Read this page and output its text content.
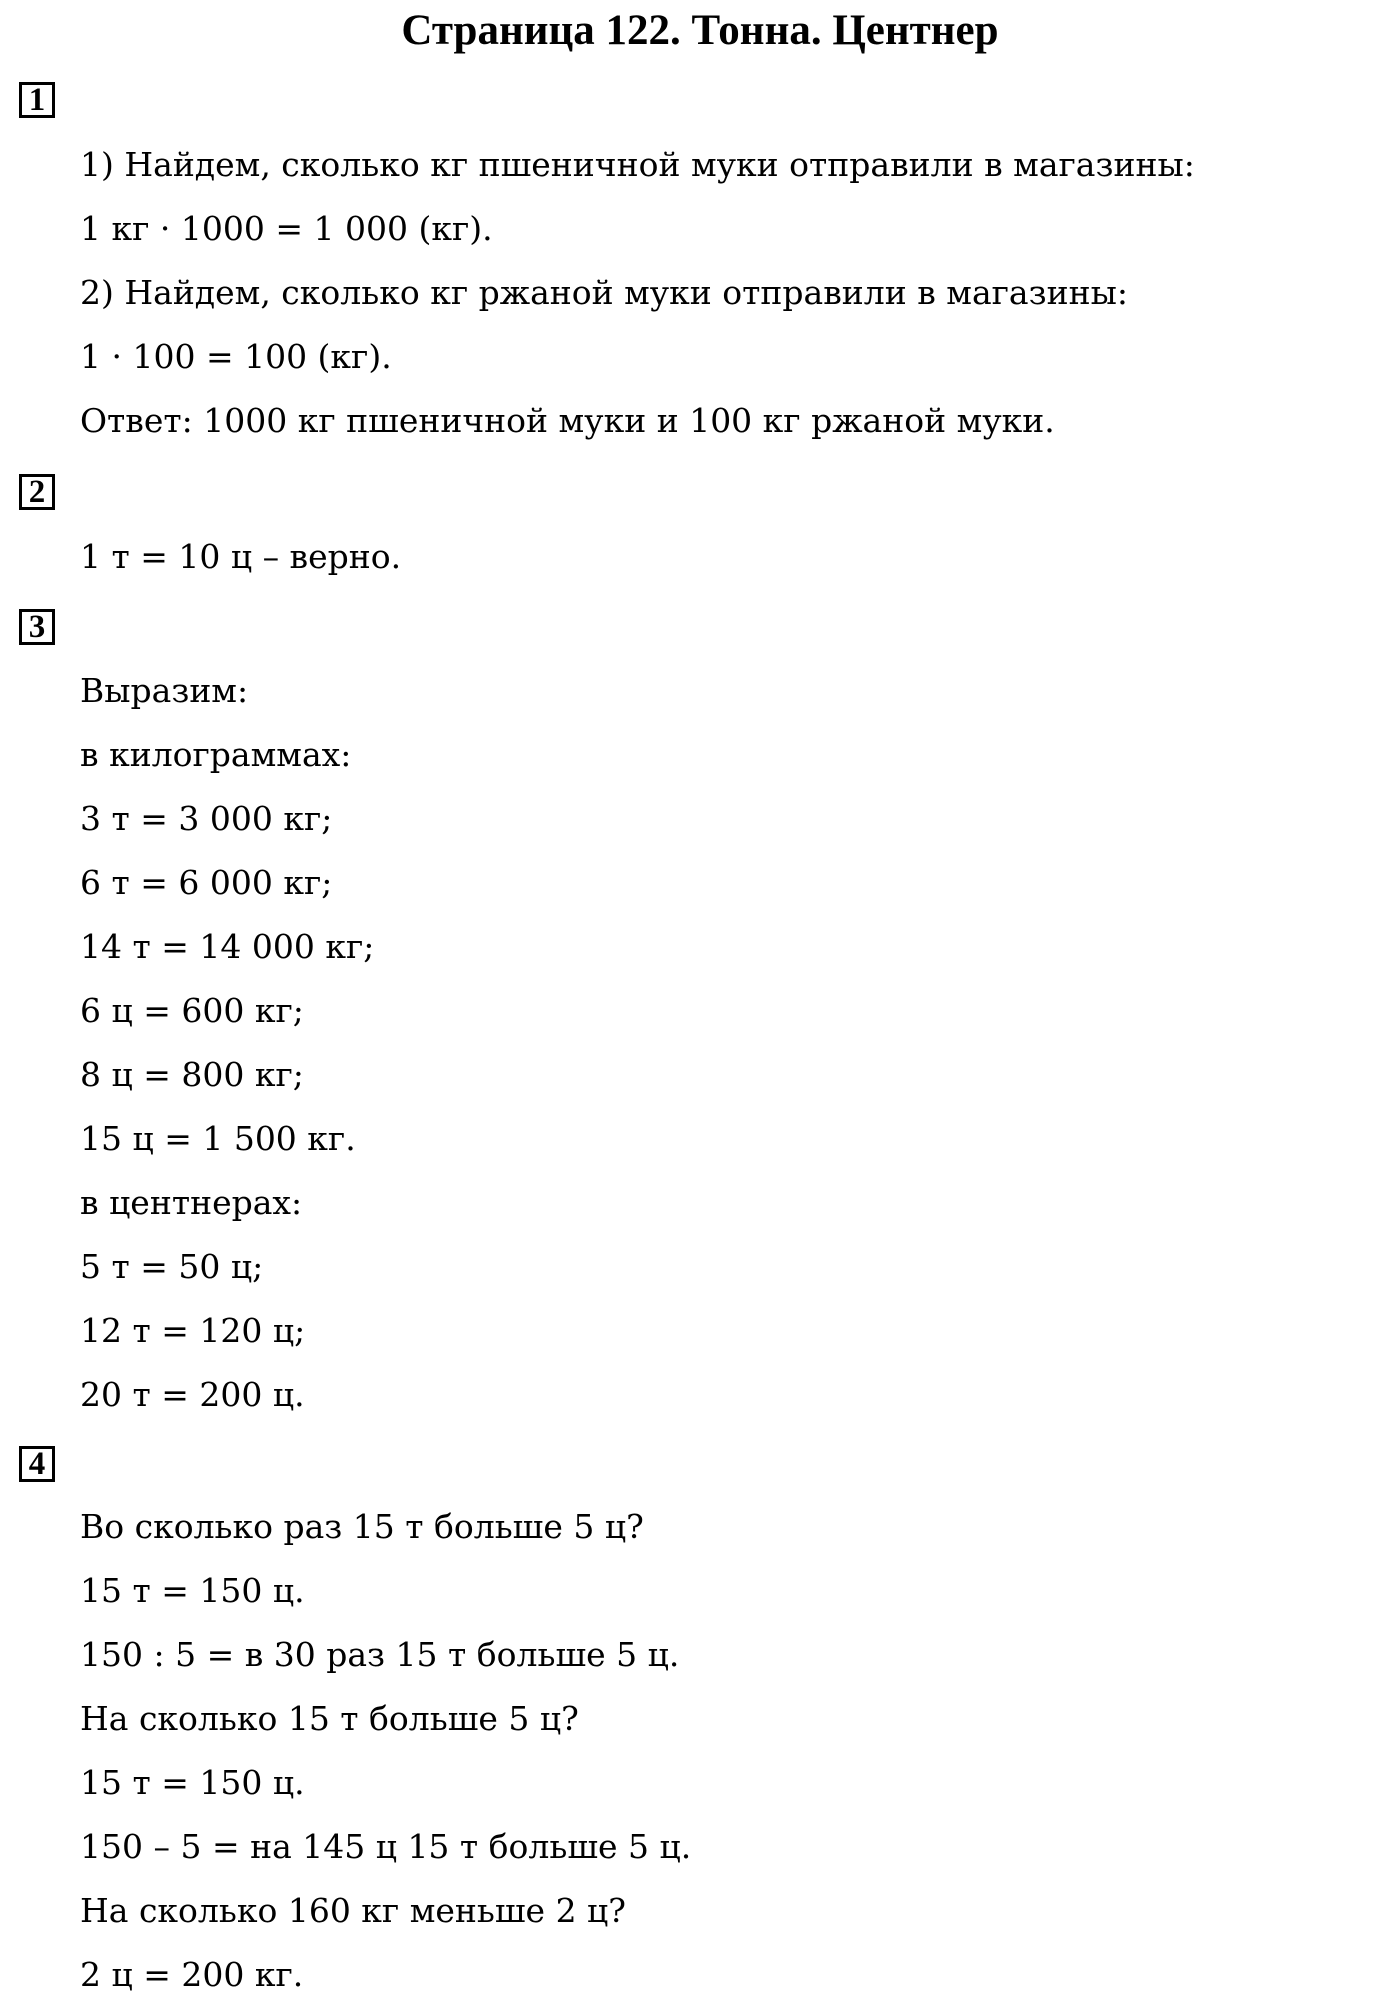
Страница 122. Тонна. Центнер
1
1) Найдем, сколько кг пшеничной муки отправили в магазины:
1 кг · 1000 = 1 000 (кг).
2) Найдем, сколько кг ржаной муки отправили в магазины:
1 · 100 = 100 (кг).
Ответ: 1000 кг пшеничной муки и 100 кг ржаной муки.
2
1 т = 10 ц – верно.
3
Выразим:
в килограммах:
3 т = 3 000 кг;
6 т = 6 000 кг;
14 т = 14 000 кг;
6 ц = 600 кг;
8 ц = 800 кг;
15 ц = 1 500 кг.
в центнерах:
5 т = 50 ц;
12 т = 120 ц;
20 т = 200 ц.
4
Во сколько раз 15 т больше 5 ц?
15 т = 150 ц.
150 : 5 = в 30 раз 15 т больше 5 ц.
На сколько 15 т больше 5 ц?
15 т = 150 ц.
150 – 5 = на 145 ц 15 т больше 5 ц.
На сколько 160 кг меньше 2 ц?
2 ц = 200 кг.
